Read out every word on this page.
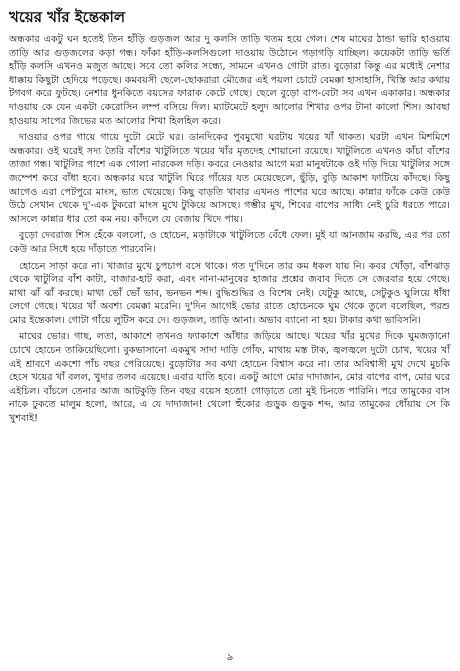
খয়ের খাঁর ইন্তেকাল

অন্ধকার একটু ঘন হতেই তিন হাঁড়ি গুড়জল আর দু কলসি তাড়ি খতম হয়ে গেল। শেষ মাঘের ঠান্ডা ভারি হাওয়ায় তাড়ি আর গুড়জলের কড়া গন্ধ। ফাঁকা হাঁড়ি-কলসিগুলো দাওয়ায় উঠোনে গড়াগড়ি যাচ্ছিল। কয়েকটা তাড়ি ভর্তি হাঁড়ি কলসি এখনও মজুত আছে। সবে তো কলির সন্ধ্যে, সামনে এখনও গোটা রাত। বুড়োরা কিন্তু এর মধ্যেই নেশার ধাক্কায় কিছুটা হেদিয়ে পড়েছে। কমবয়সী ছেলে-ছোকরারা মৌজের এই পয়লা চোটে বেমক্কা হাসাহাসি, খিস্তি আর কথায় টগবগ করে ফুটছে। নেশার ধুনকিতে বয়সের ফারাক কেটে গেছে। ছেলে বুড়ো বাপ-বেটা সব এখন একাকার। অন্ধকার দাওয়ায় কে যেন একটা কেরোসিন লম্প বসিয়ে দিল। ম্যাটমেটে হলুদ আলোর শিখার ওপর টানা কালো শিস। আবছা হাওয়ায় সাপের জিভের মত আলোর শিখা হিলহিল করে।

দাওয়ার ওপর গায়ে গায়ে দুটো মেটে ঘর। ডানদিকের পুবমুখো ঘরটায় খয়ের খাঁ থাকত। ঘরটা এখন মিশমিশে অন্ধকার। ওই ঘরেই সদ্য তৈরি বাঁশের খাটুলিতে খয়ের খাঁর মৃতদেহ শোয়ানো রয়েছে। খাটুলিতে এখনও কাঁচা বাঁশের তাজা গন্ধ। খাটুলির পাশে এক গোলা নারকেল দড়ি। কবরে নেওয়ার আগে মরা মানুষটাকে ওই দড়ি দিয়ে খাটুলির সঙ্গে জম্পেশ করে বাঁধা হবে। অন্ধকার ঘরে খাটুলি ঘিরে গাঁয়ের যত মেয়েছেলে, ছুঁড়ি, বুড়ি আকাশ ফাটিয়ে কাঁদছে। কিছু আগেও এরা পেটপুরে মাংস, ভাত খেয়েছে। কিছু বাড়তি খাবার এখনও পাশের ঘরে আছে। কান্নার ফাঁকে কেউ কেউ উঠে সেখান থেকে দু'-এক টুকরো মাংস মুখে টুকিয়ে আসছে। গম্ভীর মুখ, শিবের বাপের সাধ্যি নেই চুরি ধরতে পারে। আসলে কান্নার ধার তো কম নয়। কাঁদলে যে বেজায় খিদে পায়।

বুড়ো দেবরাজ শিস হেঁকে বললো, ও হোচেন, মড়াটাকে খাটুলিতে বেঁধে ফেল। মুই যা আনজাম করছি, এর পর তো কেউ আর সিধে হয়ে দাঁড়াতে পারবেনি।

হোচেন সাড়া করে না। খাজার মুখে চুপচাপ বসে থাকে। গত দু'দিনে তার কম ধকল যায় নি। কবর খোঁড়া, বাঁশঝাড় থেকে খাটুলির বাঁশ কাটা, বাজার-হাট করা, এবং নানা-মানুষের হাজার প্রশ্নের জবাব দিতে সে জেরবার হয়ে গেছে। মাথা ঝাঁ ঝাঁ করছে। মাথা ভোঁ ভোঁ ভাব, ভনভন শব্দ। বুদ্ধিশুদ্ধির ও বিশেষ নেই। যেটুকু আছে, সেটুকুও ঘুলিয়ে ধাঁধা লেগে গেছে। খয়ের খাঁ অবশ্য বেমক্কা মরেনি। দু'দিন আগেই ভোর রাতে হোচেনকে ঘুম থেকে তুলে বলেছিল, পরশু মোর ইন্তেকাল। গোটা গাঁয়ে লুটিস করে দে। গুড়জল, তাড়ি আনা। অভাব ব্যানো না হয়। টাকার কথা ভাবিসনি।

মাঘের ভোর। গাছ, লতা, আকাশে তখনও ফ্যাকাশে আঁধার জড়িয়ে আছে। খয়ের খাঁর মুখের দিকে ঘুমজড়ানো চোখে হোচেন তাকিয়েছিলো। বুকভাসানো একমুখ সাদা দাড়ি গোঁফ, মাথায় মস্ত টাক, জ্বলজ্বলে দুটো চোখ, খয়ের খাঁ এই শ্রাবণে একশো পাঁচ বছর পেরিয়েছে। বুড়োটার সব কথা হোচেন বিশ্বাস করে না। তার অবিশ্বাসী মুখ দেখে মুচকি হেসে খয়ের খাঁ বলল, খুদার তলব এয়েছে। এবার যাতি হবে। একটু আগে মোর দাদাজান, মোর বাপের বাপ, মোর ঘরে এইচিল। বাঁচলে তেনার আজ আটকুড়ি তিন বছর বয়েস হতো! গোড়াতে তো মুই চিনতে পারিনি। পরে তামুকের বাস নাকে ঢুকতে মালুম হলো, আরে, এ যে দাদাজান! থেলো হুঁকোর গুড়ুক গুড়ুক শব্দ, আর তামুকের ধোঁয়ায় সে কি খুশবাই!

৯
